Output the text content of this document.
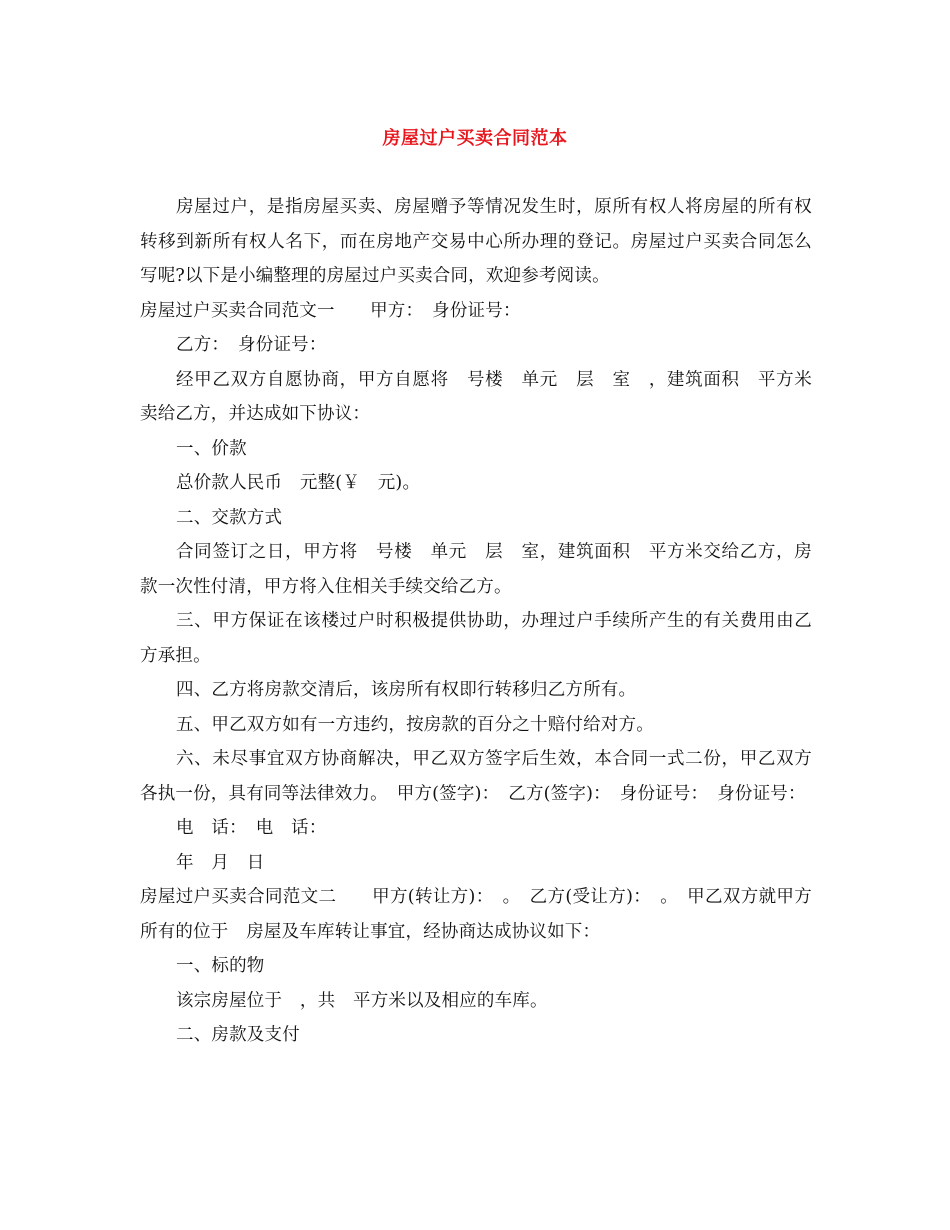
房屋过户买卖合同范本

房屋过户，是指房屋买卖、房屋赠予等情况发生时，原所有权人将房屋的所有权转移到新所有权人名下，而在房地产交易中心所办理的登记。房屋过户买卖合同怎么写呢?以下是小编整理的房屋过户买卖合同，欢迎参考阅读。

房屋过户买卖合同范文一　　甲方：　身份证号：

乙方：　身份证号：

经甲乙双方自愿协商，甲方自愿将　号楼　单元　层　室　，建筑面积　平方米卖给乙方，并达成如下协议：

一、价款

总价款人民币　元整(￥　元)。

二、交款方式

合同签订之日，甲方将　号楼　单元　层　室，建筑面积　平方米交给乙方，房款一次性付清，甲方将入住相关手续交给乙方。

三、甲方保证在该楼过户时积极提供协助，办理过户手续所产生的有关费用由乙方承担。

四、乙方将房款交清后，该房所有权即行转移归乙方所有。

五、甲乙双方如有一方违约，按房款的百分之十赔付给对方。

六、未尽事宜双方协商解决，甲乙双方签字后生效，本合同一式二份，甲乙双方各执一份，具有同等法律效力。　甲方(签字)：　乙方(签字)：　身份证号：　身份证号：

电　话：　电　话：

年　月　日

房屋过户买卖合同范文二　　甲方(转让方)：　。　乙方(受让方)：　。　甲乙双方就甲方所有的位于　房屋及车库转让事宜，经协商达成协议如下：

一、标的物

该宗房屋位于　，共　平方米以及相应的车库。

二、房款及支付
